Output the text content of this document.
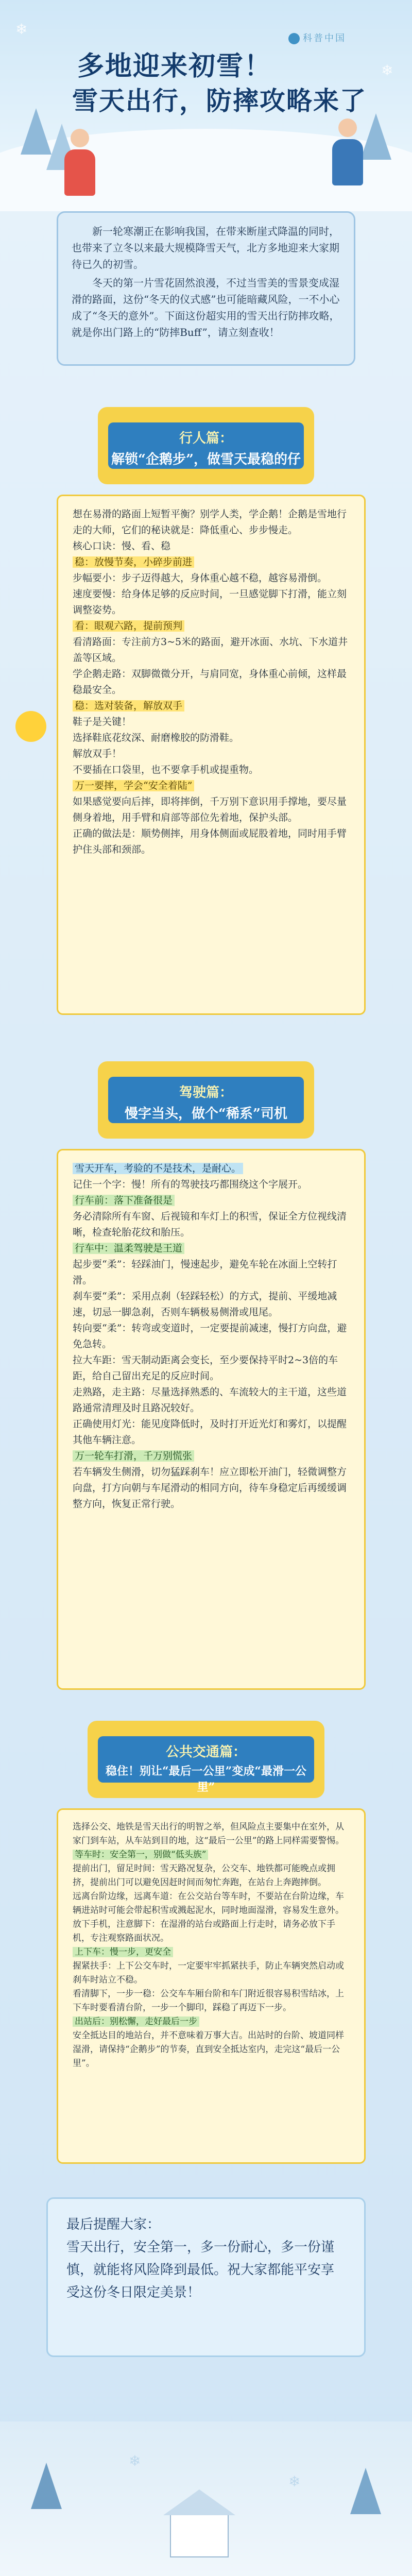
科普中国
多地迎来初雪！
雪天出行，防摔攻略来了
❄
❄

新一轮寒潮正在影响我国，在带来断崖式降温的同时，也带来了立冬以来最大规模降雪天气，北方多地迎来大家期待已久的初雪。

冬天的第一片雪花固然浪漫，不过当雪美的雪景变成湿滑的路面，这份“冬天的仪式感”也可能暗藏风险，一不小心成了“冬天的意外”。下面这份超实用的雪天出行防摔攻略，就是你出门路上的“防摔Buff”，请立刻查收！

行人篇：
解锁“企鹅步”，做雪天最稳的仔

想在易滑的路面上短暂平衡？别学人类，学企鹅！企鹅是雪地行走的大师，它们的秘诀就是：降低重心、步步慢走。

核心口诀：慢、看、稳

稳：放慢节奏，小碎步前进

步幅要小：步子迈得越大，身体重心越不稳，越容易滑倒。

速度要慢：给身体足够的反应时间，一旦感觉脚下打滑，能立刻调整姿势。

看：眼观六路，提前预判

看清路面：专注前方3~5米的路面，避开冰面、水坑、下水道井盖等区域。

学企鹅走路：双脚微微分开，与肩同宽，身体重心前倾，这样最稳最安全。

稳：选对装备，解放双手

鞋子是关键！

选择鞋底花纹深、耐磨橡胶的防滑鞋。

解放双手！

不要插在口袋里，也不要拿手机或提重物。

万一要摔，学会“安全着陆”

如果感觉要向后摔，即将摔倒，千万别下意识用手撑地，要尽量侧身着地，用手臂和肩部等部位先着地，保护头部。

正确的做法是：顺势侧摔，用身体侧面或屁股着地，同时用手臂护住头部和颈部。

驾驶篇：
慢字当头，做个“稀系”司机

雪天开车，考验的不是技术，是耐心。

记住一个字：慢！所有的驾驶技巧都围绕这个字展开。

行车前：落下准备很是

务必清除所有车窗、后视镜和车灯上的积雪，保证全方位视线清晰，检查轮胎花纹和胎压。

行车中：温柔驾驶是王道

起步要“柔”：轻踩油门，慢速起步，避免车轮在冰面上空转打滑。

刹车要“柔”：采用点刹（轻踩轻松）的方式，提前、平缓地减速，切忌一脚急刹，否则车辆极易侧滑或甩尾。

转向要“柔”：转弯或变道时，一定要提前减速，慢打方向盘，避免急转。

拉大车距：雪天制动距离会变长，至少要保持平时2~3倍的车距，给自己留出充足的反应时间。

走熟路，走主路：尽量选择熟悉的、车流较大的主干道，这些道路通常清理及时且路况较好。

正确使用灯光：能见度降低时，及时打开近光灯和雾灯，以提醒其他车辆注意。

万一轮车打滑，千万别慌张

若车辆发生侧滑，切勿猛踩刹车！应立即松开油门，轻微调整方向盘，打方向朝与车尾滑动的相同方向，待车身稳定后再缓缓调整方向，恢复正常行驶。

公共交通篇：
稳住！别让“最后一公里”变成“最滑一公里”

选择公交、地铁是雪天出行的明智之举，但风险点主要集中在室外，从家门到车站，从车站到目的地，这“最后一公里”的路上同样需要警惕。

等车时：安全第一，别做“低头族”

提前出门，留足时间：雪天路况复杂，公交车、地铁都可能晚点或拥挤，提前出门可以避免因赶时间而匆忙奔跑，在站台上奔跑摔倒。

远离台阶边缘，远离车道：在公交站台等车时，不要站在台阶边缘，车辆进站时可能会带起积雪或溅起泥水，同时地面湿滑，容易发生意外。

放下手机，注意脚下：在湿滑的站台或路面上行走时，请务必放下手机，专注观察路面状况。

上下车：慢一步，更安全

握紧扶手：上下公交车时，一定要牢牢抓紧扶手，防止车辆突然启动或刹车时站立不稳。

看清脚下，一步一稳：公交车车厢台阶和车门附近很容易积雪结冰，上下车时要看清台阶，一步一个脚印，踩稳了再迈下一步。

出站后：别松懈，走好最后一步

安全抵达目的地站台，并不意味着万事大吉。出站时的台阶、坡道同样湿滑，请保持“企鹅步”的节奏，直到安全抵达室内，走完这“最后一公里”。

最后提醒大家：

雪天出行，安全第一，多一份耐心，多一份谨慎，就能将风险降到最低。祝大家都能平安享受这份冬日限定美景！

❄
❄
